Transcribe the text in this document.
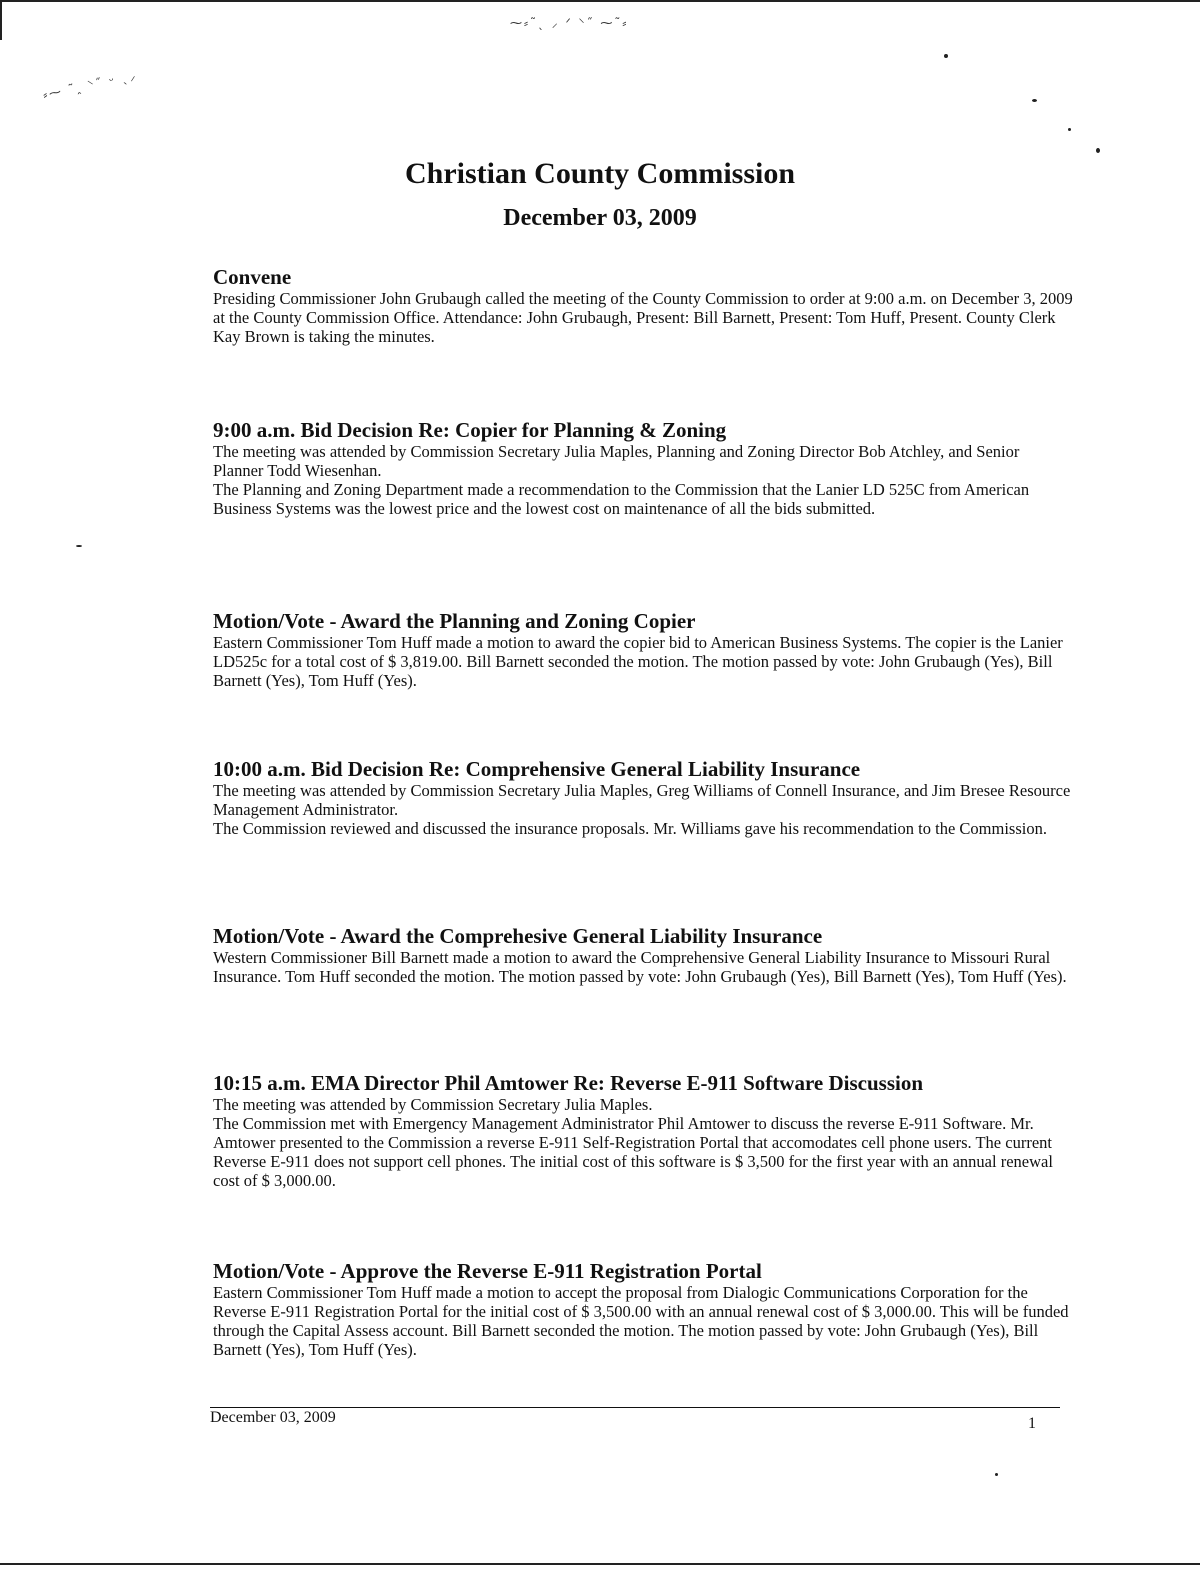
⁓⸗˜ˎ ⸝ ᐟ ⸌˝ ⁓˜⸗
⸗⁓ ˜ꞈ ⸌˝ ᵕ ˎ⸝
Christian County Commission
December 03, 2009
Convene

Presiding Commissioner John Grubaugh called the meeting of the County Commission to order at 9:00 a.m. on December 3, 2009 at the County Commission Office. Attendance: John Grubaugh, Present: Bill Barnett, Present: Tom Huff, Present. County Clerk Kay Brown is taking the minutes.

9:00 a.m. Bid Decision Re: Copier for Planning & Zoning

The meeting was attended by Commission Secretary Julia Maples, Planning and Zoning Director Bob Atchley, and Senior Planner Todd Wiesenhan.

The Planning and Zoning Department made a recommendation to the Commission that the Lanier LD 525C from American Business Systems was the lowest price and the lowest cost on maintenance of all the bids submitted.

Motion/Vote - Award the Planning and Zoning Copier

Eastern Commissioner Tom Huff made a motion to award the copier bid to American Business Systems. The copier is the Lanier LD525c for a total cost of $ 3,819.00. Bill Barnett seconded the motion. The motion passed by vote: John Grubaugh (Yes), Bill Barnett (Yes), Tom Huff (Yes).

10:00 a.m. Bid Decision Re: Comprehensive General Liability Insurance

The meeting was attended by Commission Secretary Julia Maples, Greg Williams of Connell Insurance, and Jim Bresee Resource Management Administrator.

The Commission reviewed and discussed the insurance proposals. Mr. Williams gave his recommendation to the Commission.

Motion/Vote - Award the Comprehesive General Liability Insurance

Western Commissioner Bill Barnett made a motion to award the Comprehensive General Liability Insurance to Missouri Rural Insurance. Tom Huff seconded the motion. The motion passed by vote: John Grubaugh (Yes), Bill Barnett (Yes), Tom Huff (Yes).

10:15 a.m. EMA Director Phil Amtower Re: Reverse E-911 Software Discussion

The meeting was attended by Commission Secretary Julia Maples.

The Commission met with Emergency Management Administrator Phil Amtower to discuss the reverse E-911 Software. Mr. Amtower presented to the Commission a reverse E-911 Self-Registration Portal that accomodates cell phone users. The current Reverse E-911 does not support cell phones. The initial cost of this software is $ 3,500 for the first year with an annual renewal cost of $ 3,000.00.

Motion/Vote - Approve the Reverse E-911 Registration Portal

Eastern Commissioner Tom Huff made a motion to accept the proposal from Dialogic Communications Corporation for the Reverse E-911 Registration Portal for the initial cost of $ 3,500.00 with an annual renewal cost of $ 3,000.00. This will be funded through the Capital Assess account. Bill Barnett seconded the motion. The motion passed by vote: John Grubaugh (Yes), Bill Barnett (Yes), Tom Huff (Yes).

December 03, 2009	1
